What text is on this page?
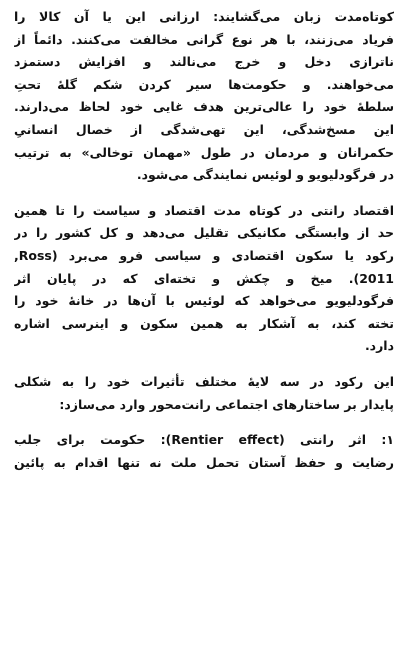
کوتاه‌مدت زبان می‌گشایند: ارزانی این یا آن کالا را
فریاد می‌زنند، با هر نوع گرانی مخالفت می‌کنند. دائماً از
ناترازی دخل و خرج می‌نالند و افزایش دستمزد
می‌خواهند. و حکومت‌ها سیر کردن شکم گلهٔ تحتِ
سلطهٔ خود را عالی‌ترین هدف غایی خود لحاظ می‌دارند.
این مسخ‌شدگی، این تهی‌شدگی از خصال انسانیِ
حکمرانان و مردمان در طول «مهمان توخالی» به ترتیب
در فرگودلیویو و لوئیس نمایندگی می‌شود.
اقتصاد رانتی در کوتاه مدت اقتصاد و سیاست را تا همین
حد از وابستگی مکانیکی تقلیل می‌دهد و کل کشور را در
رکود یا سکون اقتصادی و سیاسی فرو می‌برد (Ross,
2011). میخ و چکش و تخته‌ای که در پایان اثر
فرگودلیویو می‌خواهد که لوئیس با آن‌ها در خانهٔ خود را
تخته کند، به آشکار به همین سکون و اینرسی اشاره
دارد.
این رکود در سه لایهٔ مختلف تأثیرات خود را به شکلی
پایدار بر ساختارهای اجتماعی رانت‌محور وارد می‌سازد:
۱: اثر رانتی (Rentier effect): حکومت برای جلب
رضایت و حفظ آستان تحمل ملت نه تنها اقدام به پائین
